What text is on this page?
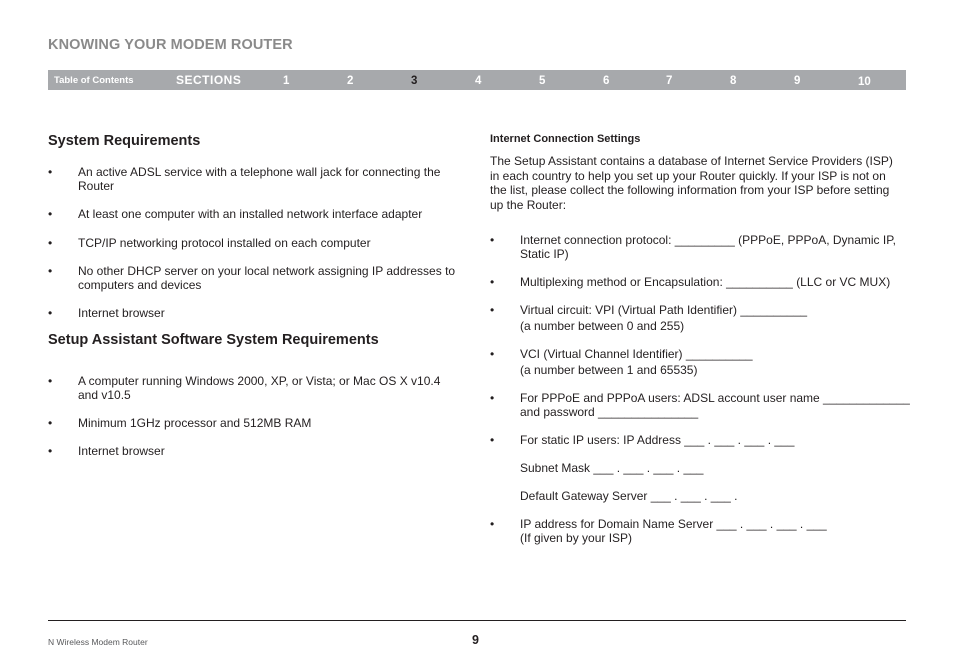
KNOWING YOUR MODEM ROUTER
Table of Contents	SECTIONS	1	2	3	4	5	6	7	8	9	10
System Requirements
• An active ADSL service with a telephone wall jack for connecting the Router
• At least one computer with an installed network interface adapter
• TCP/IP networking protocol installed on each computer
• No other DHCP server on your local network assigning IP addresses to computers and devices
• Internet browser
Setup Assistant Software System Requirements
• A computer running Windows 2000, XP, or Vista; or Mac OS X v10.4 and v10.5
• Minimum 1GHz processor and 512MB RAM
• Internet browser
Internet Connection Settings

The Setup Assistant contains a database of Internet Service Providers (ISP) in each country to help you set up your Router quickly. If your ISP is not on the list, please collect the following information from your ISP before setting up the Router:

• Internet connection protocol: _________ (PPPoE, PPPoA, Dynamic IP, Static IP)
• Multiplexing method or Encapsulation: __________ (LLC or VC MUX)
• Virtual circuit: VPI (Virtual Path Identifier) __________
(a number between 0 and 255)
• VCI (Virtual Channel Identifier) __________
(a number between 1 and 65535)
• For PPPoE and PPPoA users: ADSL account user name _____________ and password _______________
• For static IP users: IP Address ___ . ___ . ___ . ___
Subnet Mask ___ . ___ . ___ . ___
Default Gateway Server ___ . ___ . ___ .
• IP address for Domain Name Server ___ . ___ . ___ . ___
(If given by your ISP)
N Wireless Modem Router	9
